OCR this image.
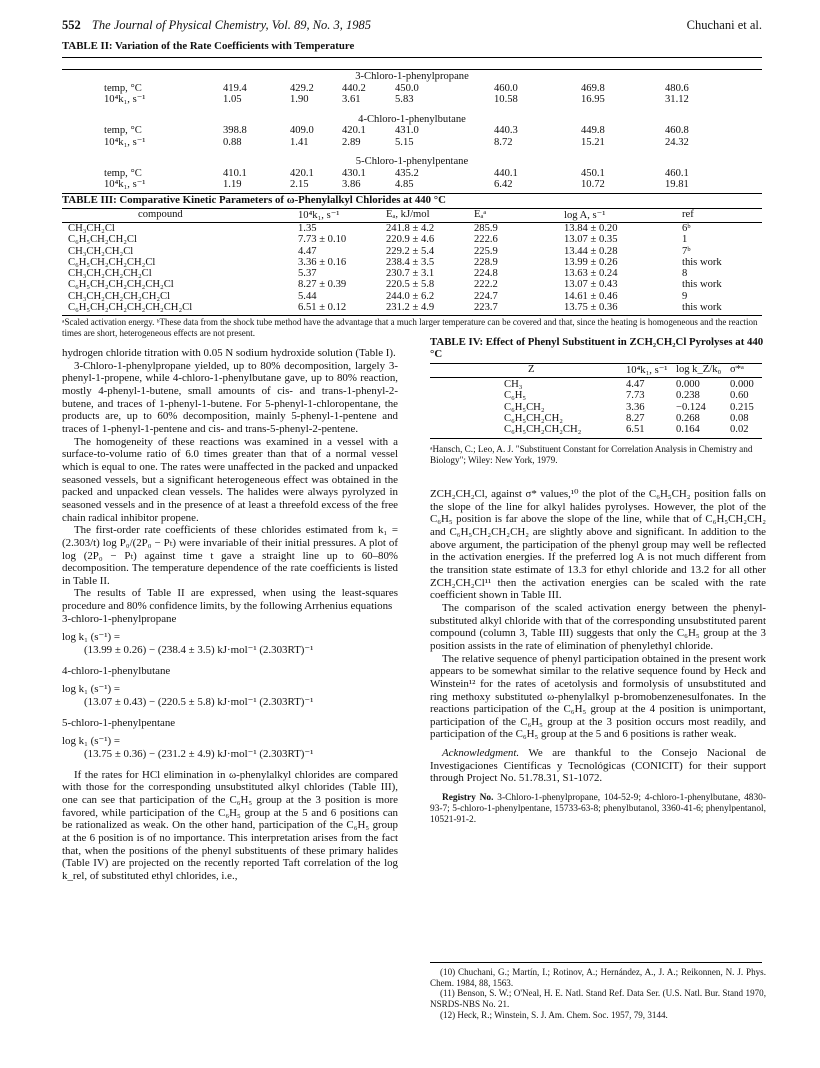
552 The Journal of Physical Chemistry, Vol. 89, No. 3, 1985	Chuchani et al.
TABLE II: Variation of the Rate Coefficients with Temperature
3-Chloro-1-phenylpropane
temp, °C	419.4	429.2	440.2	450.0	460.0	469.8	480.6
10⁴k₁, s⁻¹	1.05	1.90	3.61	5.83	10.58	16.95	31.12
4-Chloro-1-phenylbutane
temp, °C	398.8	409.0	420.1	431.0	440.3	449.8	460.8
10⁴k₁, s⁻¹	0.88	1.41	2.89	5.15	8.72	15.21	24.32
5-Chloro-1-phenylpentane
temp, °C	410.1	420.1	430.1	435.2	440.1	450.1	460.1
10⁴k₁, s⁻¹	1.19	2.15	3.86	4.85	6.42	10.72	19.81
TABLE III: Comparative Kinetic Parameters of ω-Phenylalkyl Chlorides at 440 °C
compound	10⁴k₁, s⁻¹	Eₐ, kJ/mol	Eₐᵃ	log A, s⁻¹	ref
CH₃CH₂Cl	1.35	241.8 ± 4.2	285.9	13.84 ± 0.20	6ᵇ
C₆H₅CH₂CH₂Cl	7.73 ± 0.10	220.9 ± 4.6	222.6	13.07 ± 0.35	1
CH₃CH₂CH₂Cl	4.47	229.2 ± 5.4	225.9	13.44 ± 0.28	7ᵇ
C₆H₅CH₂CH₂CH₂Cl	3.36 ± 0.16	238.4 ± 3.5	228.9	13.99 ± 0.26	this work
CH₃CH₂CH₂CH₂Cl	5.37	230.7 ± 3.1	224.8	13.63 ± 0.24	8
C₆H₅CH₂CH₂CH₂CH₂Cl	8.27 ± 0.39	220.5 ± 5.8	222.2	13.07 ± 0.43	this work
CH₃CH₂CH₂CH₂CH₂Cl	5.44	244.0 ± 6.2	224.7	14.61 ± 0.46	9
C₆H₅CH₂CH₂CH₂CH₂CH₂Cl	6.51 ± 0.12	231.2 ± 4.9	223.7	13.75 ± 0.36	this work
ᵃScaled activation energy. ᵇThese data from the shock tube method have the advantage that a much larger temperature can be covered and that, since the heating is homogeneous and the reaction times are short, heterogeneous effects are not present.

hydrogen chloride titration with 0.05 N sodium hydroxide solution (Table I).

3-Chloro-1-phenylpropane yielded, up to 80% decomposition, largely 3-phenyl-1-propene, while 4-chloro-1-phenylbutane gave, up to 80% reaction, mostly 4-phenyl-1-butene, small amounts of cis- and trans-1-phenyl-2-butene, and traces of 1-phenyl-1-butene. For 5-phenyl-1-chloropentane, the products are, up to 60% decomposition, mainly 5-phenyl-1-pentene and traces of 1-phenyl-1-pentene and cis- and trans-5-phenyl-2-pentene.

The homogeneity of these reactions was examined in a vessel with a surface-to-volume ratio of 6.0 times greater than that of a normal vessel which is equal to one. The rates were unaffected in the packed and unpacked seasoned vessels, but a significant heterogeneous effect was obtained in the packed and unpacked clean vessels. The halides were always pyrolyzed in seasoned vessels and in the presence of at least a threefold excess of the free chain radical inhibitor propene.

The first-order rate coefficients of these chlorides estimated from k₁ = (2.303/t) log P₀/(2P₀ − Pₜ) were invariable of their initial pressures. A plot of log (2P₀ − Pₜ) against time t gave a straight line up to 60–80% decomposition. The temperature dependence of the rate coefficients is listed in Table II.

The results of Table II are expressed, when using the least-squares procedure and 80% confidence limits, by the following Arrhenius equations

3-chloro-1-phenylpropane

log k₁ (s⁻¹) =

(13.99 ± 0.26) − (238.4 ± 3.5) kJ·mol⁻¹ (2.303RT)⁻¹

4-chloro-1-phenylbutane

log k₁ (s⁻¹) =

(13.07 ± 0.43) − (220.5 ± 5.8) kJ·mol⁻¹ (2.303RT)⁻¹

5-chloro-1-phenylpentane

log k₁ (s⁻¹) =

(13.75 ± 0.36) − (231.2 ± 4.9) kJ·mol⁻¹ (2.303RT)⁻¹

If the rates for HCl elimination in ω-phenylalkyl chlorides are compared with those for the corresponding unsubstituted alkyl chlorides (Table III), one can see that participation of the C₆H₅ group at the 3 position is more favored, while participation of the C₆H₅ group at the 5 and 6 positions can be rationalized as weak. On the other hand, participation of the C₆H₅ group at the 6 position is of no importance. This interpretation arises from the fact that, when the positions of the phenyl substituents of these primary halides (Table IV) are projected on the recently reported Taft correlation of the log k_rel, of substituted ethyl chlorides, i.e.,

TABLE IV: Effect of Phenyl Substituent in ZCH₂CH₂Cl Pyrolyses at 440 °C
Z	10⁴k₁, s⁻¹ log k_Z/k₀ σ*ᵃ
CH₃	4.47	0.000	0.000
C₆H₅	7.73	0.238	0.60
C₆H₅CH₂	3.36	−0.124 0.215
C₆H₅CH₂CH₂	8.27	0.268	0.08
C₆H₅CH₂CH₂CH₂	6.51	0.164	0.02
ᵃHansch, C.; Leo, A. J. "Substituent Constant for Correlation Analysis in Chemistry and Biology"; Wiley: New York, 1979.

ZCH₂CH₂Cl, against σ* values,¹⁰ the plot of the C₆H₅CH₂ position falls on the slope of the line for alkyl halides pyrolyses. However, the plot of the C₆H₅ position is far above the slope of the line, while that of C₆H₅CH₂CH₂ and C₆H₅CH₂CH₂CH₂ are slightly above and significant. In addition to the above argument, the participation of the phenyl group may well be reflected in the activation energies. If the preferred log A is not much different from the transition state estimate of 13.3 for ethyl chloride and 13.2 for all other ZCH₂CH₂Cl¹¹ then the activation energies can be scaled with the rate coefficient shown in Table III.

The comparison of the scaled activation energy between the phenyl-substituted alkyl chloride with that of the corresponding unsubstituted parent compound (column 3, Table III) suggests that only the C₆H₅ group at the 3 position assists in the rate of elimination of phenylethyl chloride.

The relative sequence of phenyl participation obtained in the present work appears to be somewhat similar to the relative sequence found by Heck and Winstein¹² for the rates of acetolysis and formolysis of unsubstituted and ring methoxy substituted ω-phenylalkyl p-bromobenzenesulfonates. In the reactions participation of the C₆H₅ group at the 4 position is unimportant, participation of the C₆H₅ group at the 3 position occurs most readily, and participation of the C₆H₅ group at the 5 and 6 positions is rather weak.

Acknowledgment. We are thankful to the Consejo Nacional de Investigaciones Científicas y Tecnológicas (CONICIT) for their support through Project No. 51.78.31, S1-1072.

Registry No. 3-Chloro-1-phenylpropane, 104-52-9; 4-chloro-1-phenylbutane, 4830-93-7; 5-chloro-1-phenylpentane, 15733-63-8; phenylbutanol, 3360-41-6; phenylpentanol, 10521-91-2.

(10) Chuchani, G.; Martín, I.; Rotinov, A.; Hernández, A., J. A.; Reikonnen, N. J. Phys. Chem. 1984, 88, 1563.

(11) Benson, S. W.; O'Neal, H. E. Natl. Stand Ref. Data Ser. (U.S. Natl. Bur. Stand 1970, NSRDS-NBS No. 21.

(12) Heck, R.; Winstein, S. J. Am. Chem. Soc. 1957, 79, 3144.
